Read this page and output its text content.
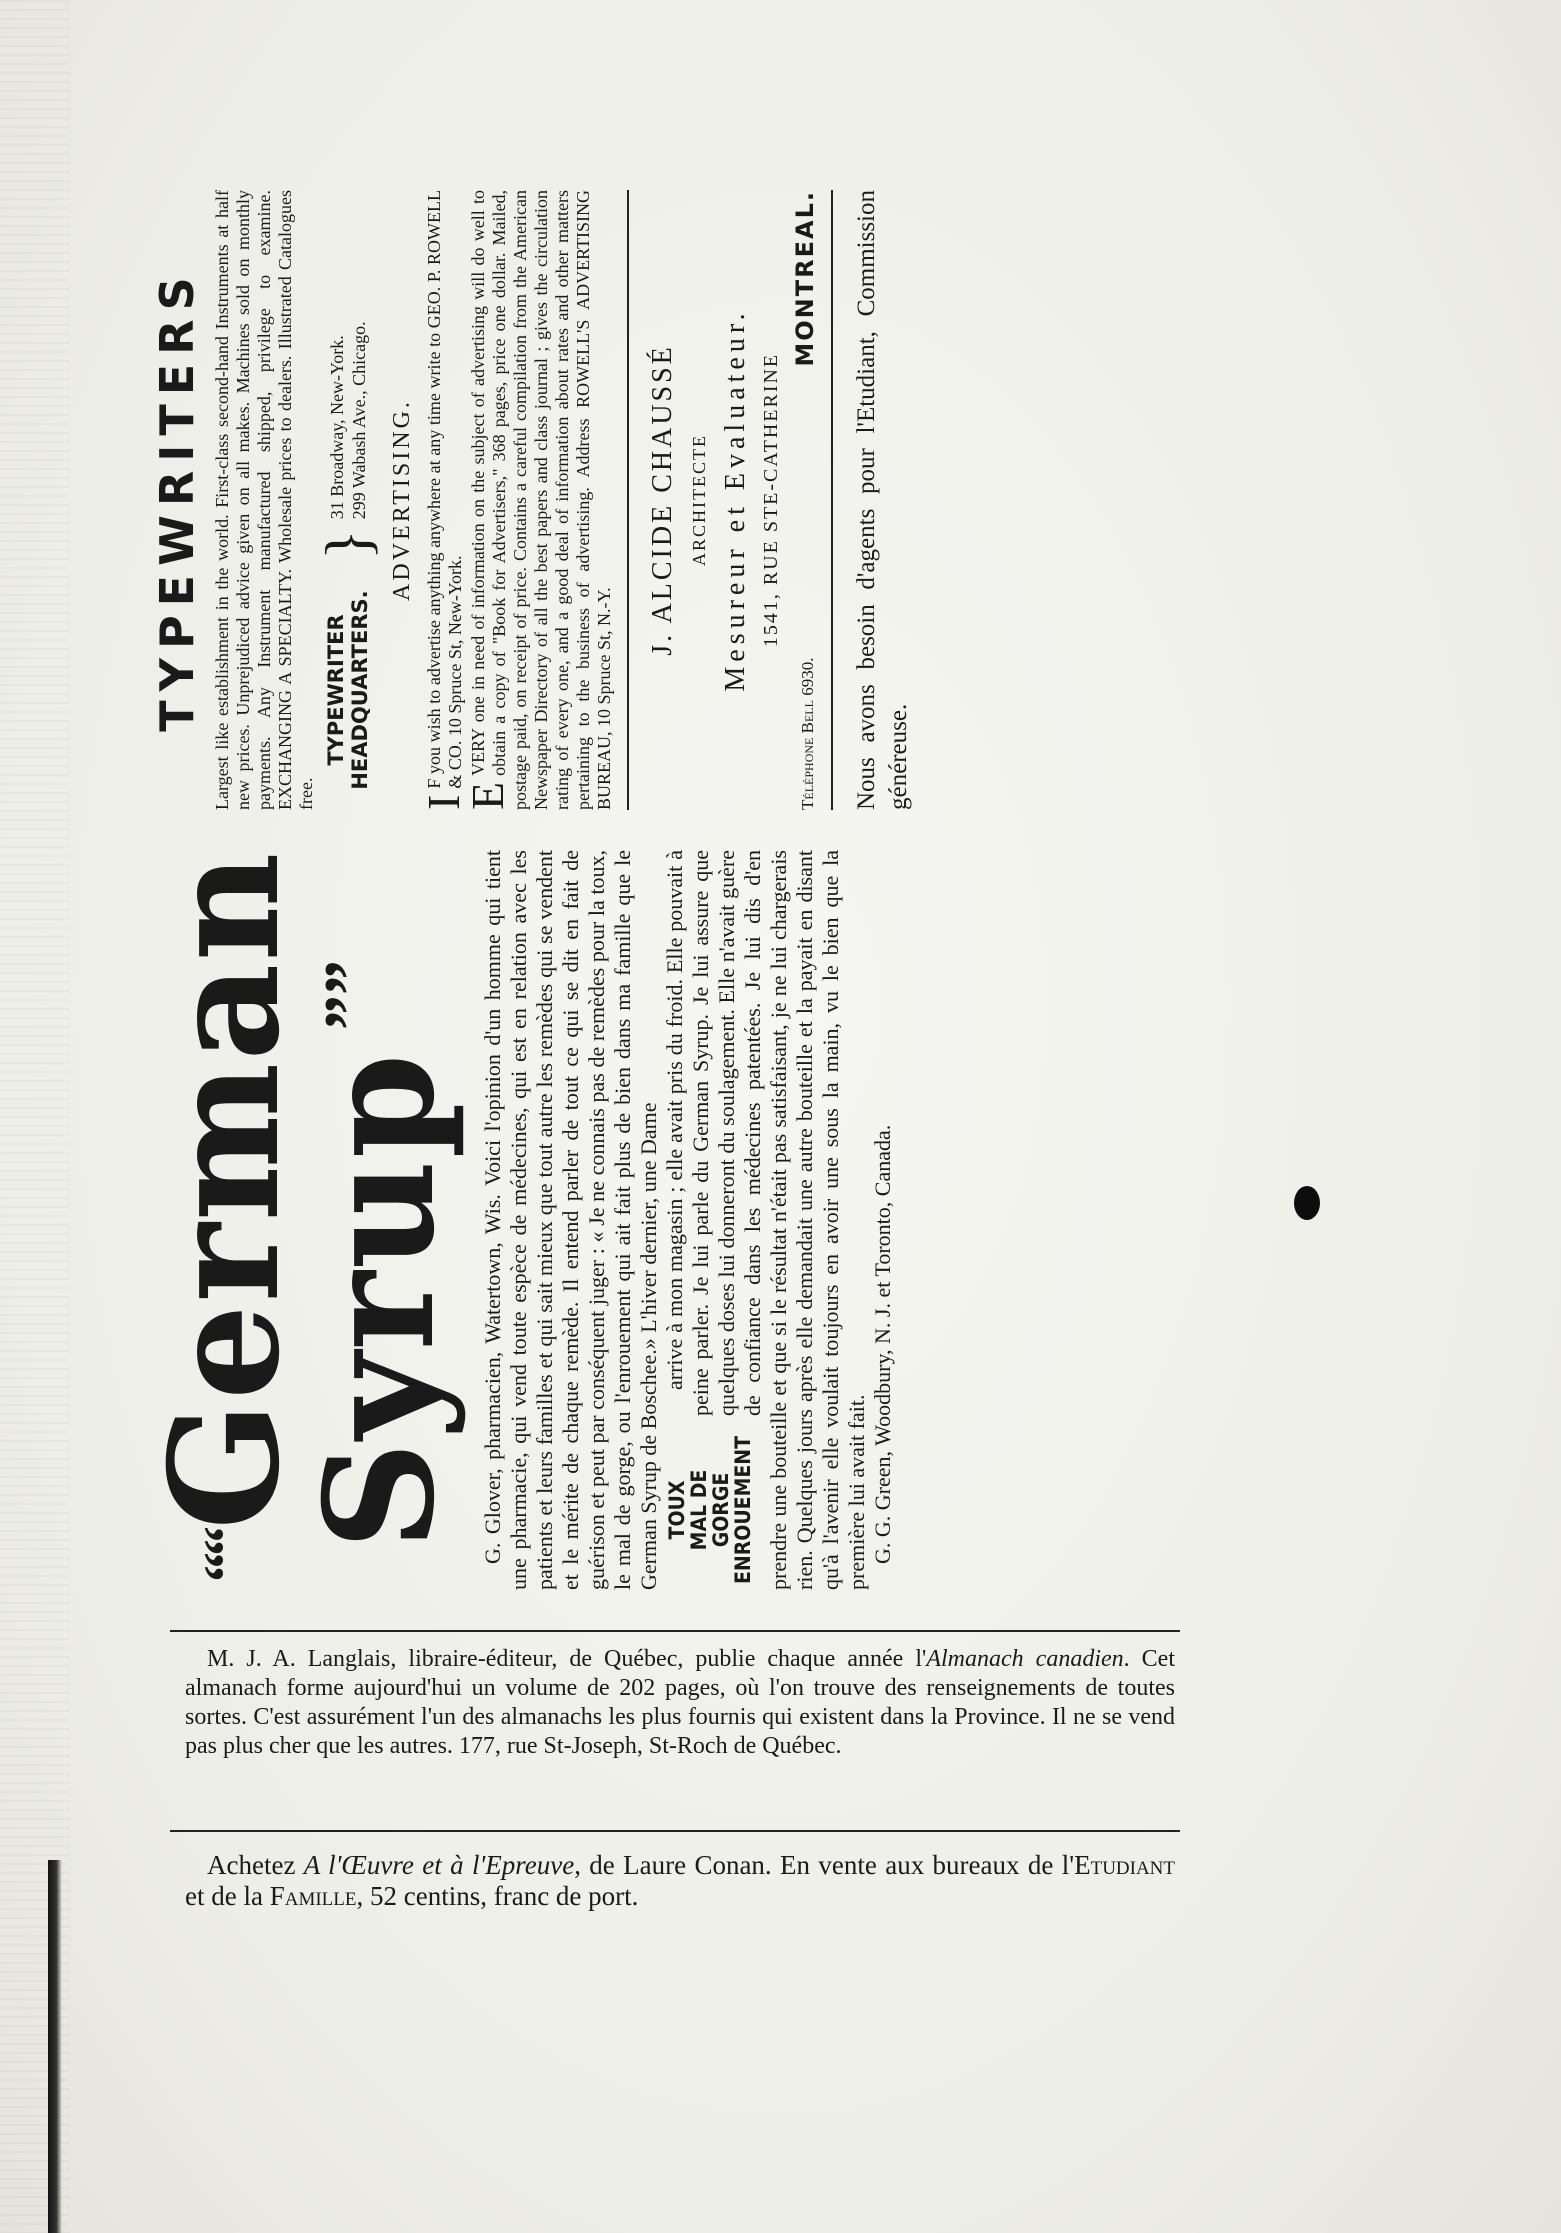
““German
Syrup
””	G. Glover, pharmacien, Watertown, Wis. Voici l'opinion d'un homme qui tient une pharmacie, qui vend toute espèce de médecines, qui est en relation avec les patients et leurs familles et qui sait mieux que tout autre les remèdes qui se vendent et le mérite de chaque remède. Il entend parler de tout ce qui se dit en fait de guérison et peut par conséquent juger : « Je ne connais pas de remèdes pour la toux, le mal de gorge, ou l'enrouement qui ait fait plus de bien dans ma famille que le German Syrup de Boschee.» L'hiver dernier, une Dame TOUX
MAL DE GORGE
ENROUEMENT

arrive à mon magasin ; elle avait pris du froid. Elle pouvait à peine parler. Je lui parle du German Syrup. Je lui assure que quelques doses lui donneront du soulagement. Elle n'avait guère de confiance dans les médecines patentées. Je lui dis d'en prendre une bouteille et que si le résultat n'était pas satisfaisant, je ne lui chargerais rien. Quelques jours après elle demandait une autre bouteille et la payait en disant qu'à l'avenir elle voulait toujours en avoir une sous la main, vu le bien que la première lui avait fait. G. G. Green, Woodbury, N. J. et Toronto, Canada.

TYPEWRITERS Largest like establishment in the world. First-class second-hand Instruments at half new prices. Unprejudiced advice given on all makes. Machines sold on monthly payments. Any Instrument manufactured shipped, privilege to examine. EXCHANGING A SPECIALTY. Wholesale prices to dealers. Illustrated Catalogues free.
TYPEWRITER HEADQUARTERS.
}
31 Broadway, New-York. 299 Wabash Ave., Chicago. ADVERTISING.

I
F you wish to advertise anything anywhere at any time write to GEO. P. ROWELL & CO. 10 Spruce St, New-York.

E
VERY one in need of information on the subject of advertising will do well to obtain a copy of "Book for Advertisers," 368 pages, price one dollar. Mailed, postage paid, on receipt of price. Contains a careful compilation from the American Newspaper Directory of all the best papers and class journal ; gives the circulation rating of every one, and a good deal of information about rates and other matters pertaining to the business of advertising. Address ROWELL'S ADVERTISING BUREAU, 10 Spruce St, N.-Y.

J. ALCIDE CHAUSSÉ ARCHITECTE Mesureur et Evaluateur. 1541, RUE STE-CATHERINE
Téléphone Bell 6930.
MONTREAL. Nous avons besoin d'agents pour l'Etudiant, Commission généreuse.

M. J. A. Langlais, libraire-éditeur, de Québec, publie chaque année l'Almanach canadien. Cet almanach forme aujourd'hui un volume de 202 pages, où l'on trouve des renseignements de toutes sortes. C'est assurément l'un des almanachs les plus fournis qui existent dans la Province. Il ne se vend pas plus cher que les autres. 177, rue St-Joseph, St-Roch de Québec.

Achetez A l'Œuvre et à l'Epreuve, de Laure Conan. En vente aux bureaux de l'Etudiant et de la Famille, 52 centins, franc de port.
